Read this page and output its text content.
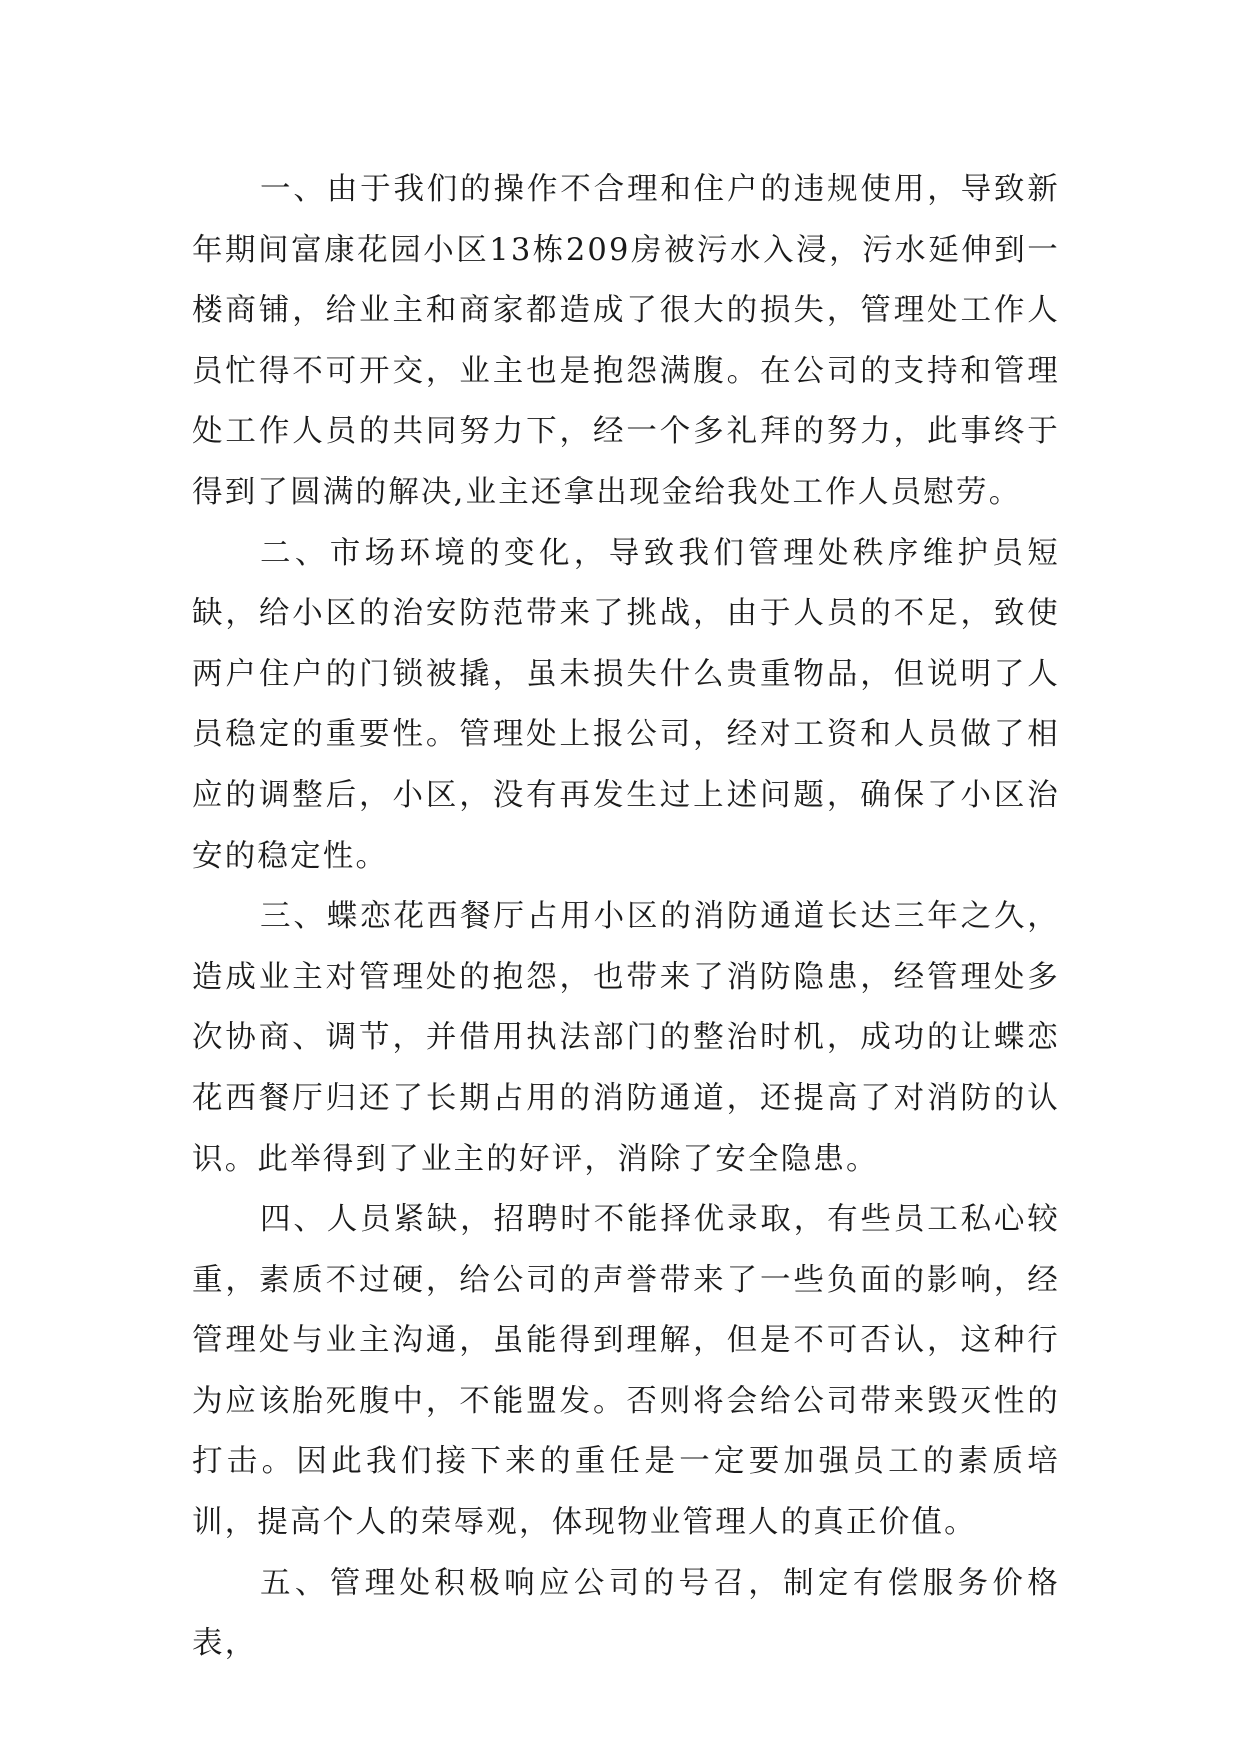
一、由于我们的操作不合理和住户的违规使用，导致新年期间富康花园小区13栋209房被污水入浸，污水延伸到一楼商铺，给业主和商家都造成了很大的损失，管理处工作人员忙得不可开交，业主也是抱怨满腹。在公司的支持和管理处工作人员的共同努力下，经一个多礼拜的努力，此事终于得到了圆满的解决,业主还拿出现金给我处工作人员慰劳。

二、市场环境的变化，导致我们管理处秩序维护员短缺，给小区的治安防范带来了挑战，由于人员的不足，致使两户住户的门锁被撬，虽未损失什么贵重物品，但说明了人员稳定的重要性。管理处上报公司，经对工资和人员做了相应的调整后，小区，没有再发生过上述问题，确保了小区治安的稳定性。

三、蝶恋花西餐厅占用小区的消防通道长达三年之久，造成业主对管理处的抱怨，也带来了消防隐患，经管理处多次协商、调节，并借用执法部门的整治时机，成功的让蝶恋花西餐厅归还了长期占用的消防通道，还提高了对消防的认识。此举得到了业主的好评，消除了安全隐患。

四、人员紧缺，招聘时不能择优录取，有些员工私心较重，素质不过硬，给公司的声誉带来了一些负面的影响，经管理处与业主沟通，虽能得到理解，但是不可否认，这种行为应该胎死腹中，不能盟发。否则将会给公司带来毁灭性的打击。因此我们接下来的重任是一定要加强员工的素质培训，提高个人的荣辱观，体现物业管理人的真正价值。

五、管理处积极响应公司的号召，制定有偿服务价格表，
